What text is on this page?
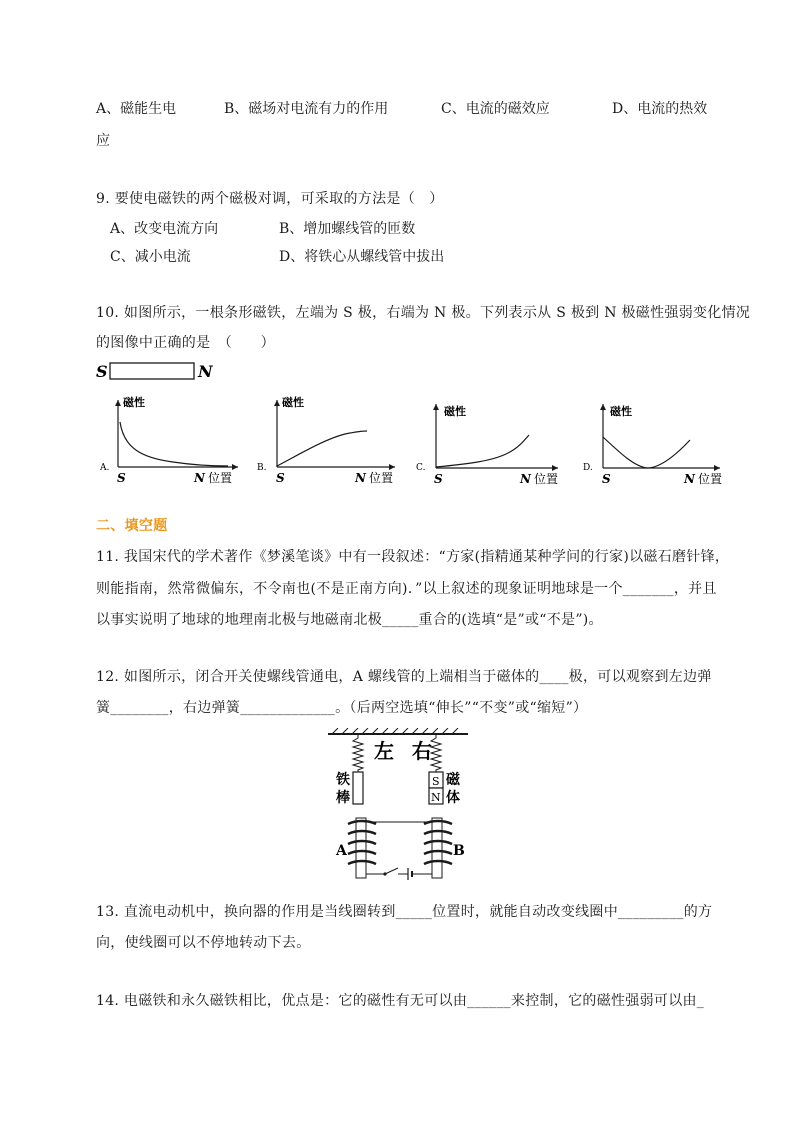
A、磁能生电	B、磁场对电流有力的作用	C、电流的磁效应	D、电流的热效
应
9. 要使电磁铁的两个磁极对调，可采取的方法是（　）
A、改变电流方向	B、增加螺线管的匝数
C、减小电流	D、将铁心从螺线管中拔出
10. 如图所示，一根条形磁铁，左端为 S 极，右端为 N 极。下列表示从 S 极到 N 极磁性强弱变化情况
的图像中正确的是　（　　）
S	N
磁性
A.
S	N 位置
磁性
B.
S	N 位置
磁性
C.
S	N 位置
磁性
D.
S	N 位置
二、填空题
11. 我国宋代的学术著作《梦溪笔谈》中有一段叙述：“方家(指精通某种学问的行家)以磁石磨针锋，
则能指南，然常微偏东，不令南也(不是正南方向)．”以上叙述的现象证明地球是一个_______，并且
以事实说明了地球的地理南北极与地磁南北极_____重合的(选填“是”或“不是”)。
12. 如图所示，闭合开关使螺线管通电，A 螺线管的上端相当于磁体的____极，可以观察到左边弹
簧________，右边弹簧_____________。（后两空选填“伸长”“不变”或“缩短”）
左 右
铁
棒
S
N
磁
体
A	B
13. 直流电动机中，换向器的作用是当线圈转到_____位置时，就能自动改变线圈中_________的方
向，使线圈可以不停地转动下去。
14. 电磁铁和永久磁铁相比，优点是：它的磁性有无可以由______来控制，它的磁性强弱可以由_
